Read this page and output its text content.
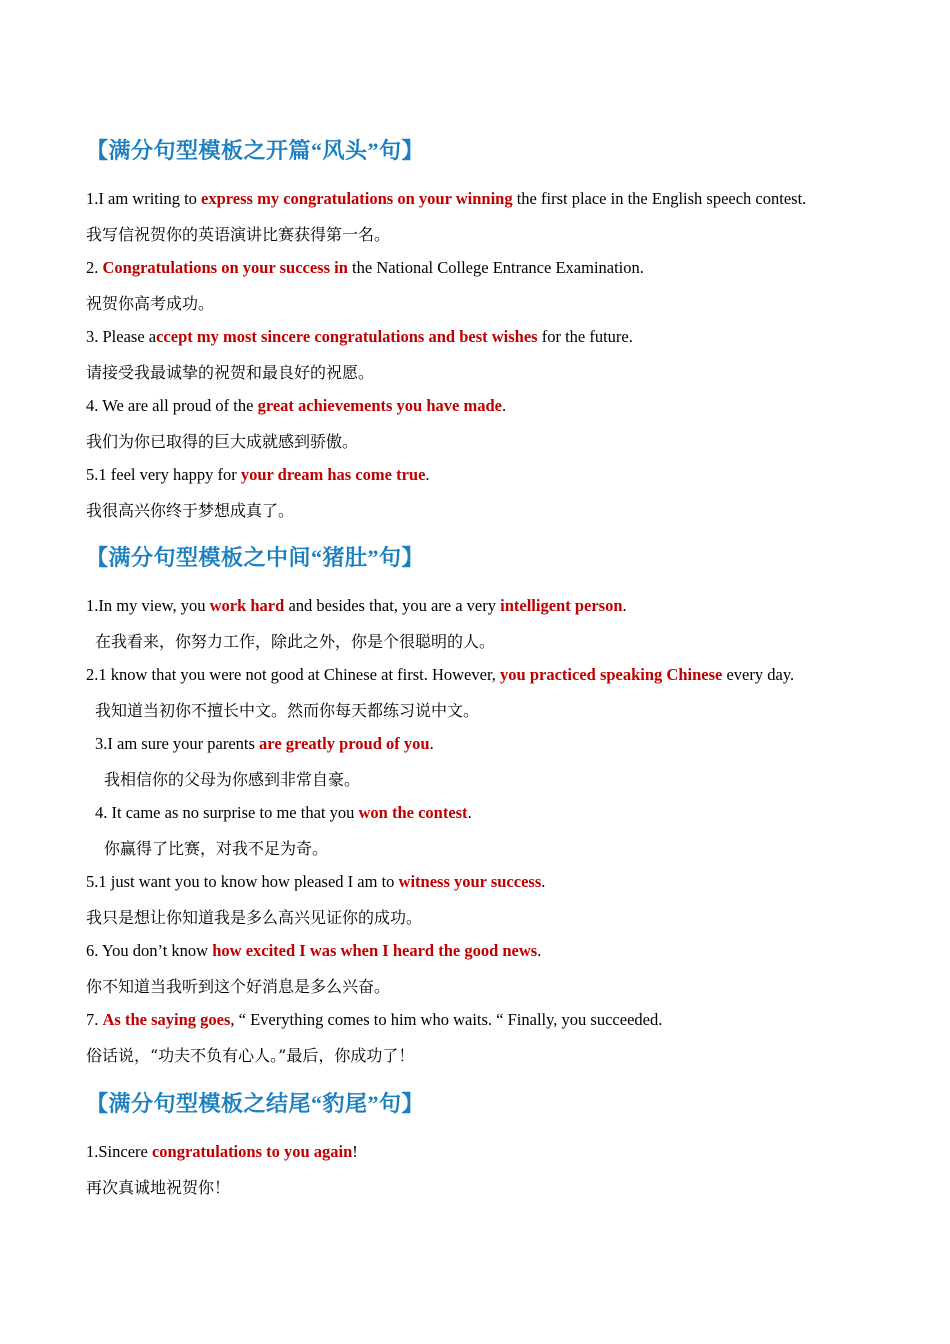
【满分句型模板之开篇“风头”句】
1.I am writing to express my congratulations on your winning the first place in the English speech contest.
我写信祝贺你的英语演讲比赛获得第一名。
2. Congratulations on your success in the National College Entrance Examination.
祝贺你高考成功。
3. Please accept my most sincere congratulations and best wishes for the future.
请接受我最诚挚的祝贺和最良好的祝愿。
4. We are all proud of the great achievements you have made.
我们为你已取得的巨大成就感到骄傲。
5.1 feel very happy for your dream has come true.
我很高兴你终于梦想成真了。
【满分句型模板之中间“猪肚”句】
1.In my view, you work hard and besides that, you are a very intelligent person.
在我看来，你努力工作，除此之外，你是个很聪明的人。
2.1 know that you were not good at Chinese at first. However, you practiced speaking Chinese every day.
我知道当初你不擅长中文。然而你每天都练习说中文。
3.I am sure your parents are greatly proud of you.
我相信你的父母为你感到非常自豪。
4. It came as no surprise to me that you won the contest.
你赢得了比赛，对我不足为奇。
5.1 just want you to know how pleased I am to witness your success.
我只是想让你知道我是多么高兴见证你的成功。
6. You don’t know how excited I was when I heard the good news.
你不知道当我听到这个好消息是多么兴奋。
7. As the saying goes, “ Everything comes to him who waits. “ Finally, you succeeded.
俗话说，“功夫不负有心人。”最后，你成功了！
【满分句型模板之结尾“豹尾”句】
1.Sincere congratulations to you again!
再次真诚地祝贺你！
